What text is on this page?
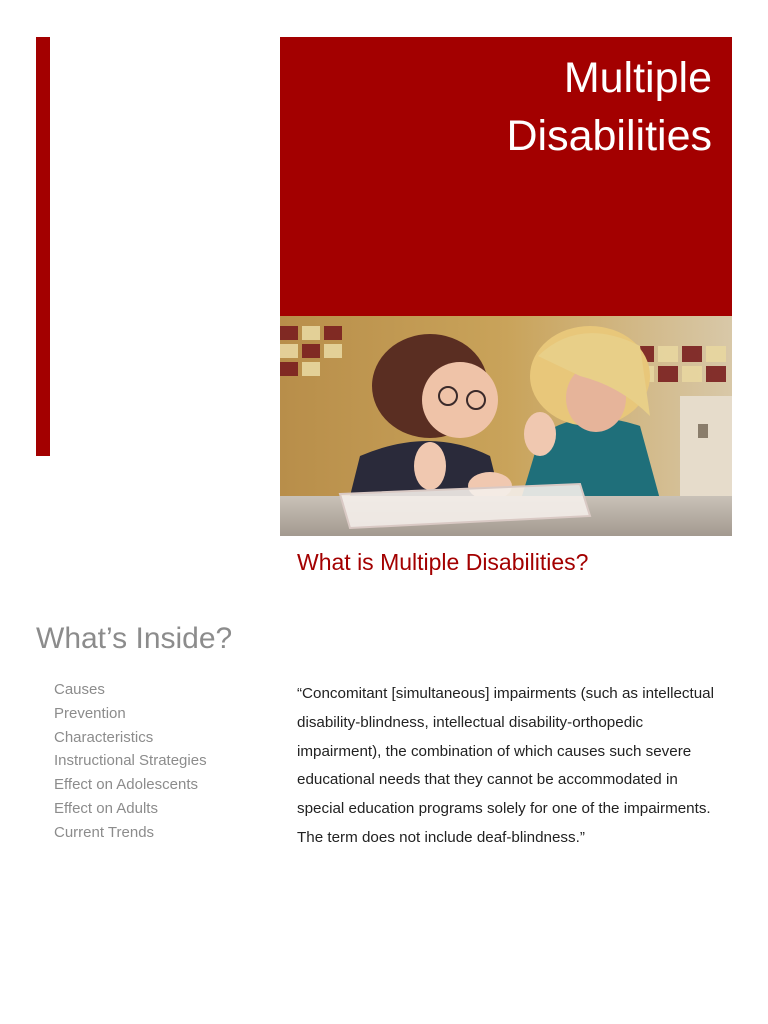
Multiple
Disabilities
What is Multiple Disabilities?
What’s Inside?
Causes
Prevention
Characteristics
Instructional Strategies
Effect on Adolescents
Effect on Adults
Current Trends

“Concomitant [simultaneous] impairments (such as intellectual disability-blindness, intellectual disability-orthopedic impairment), the combination of which causes such severe educational needs that they cannot be accommodated in special education programs solely for one of the impairments. The term does not include deaf-blindness.”
